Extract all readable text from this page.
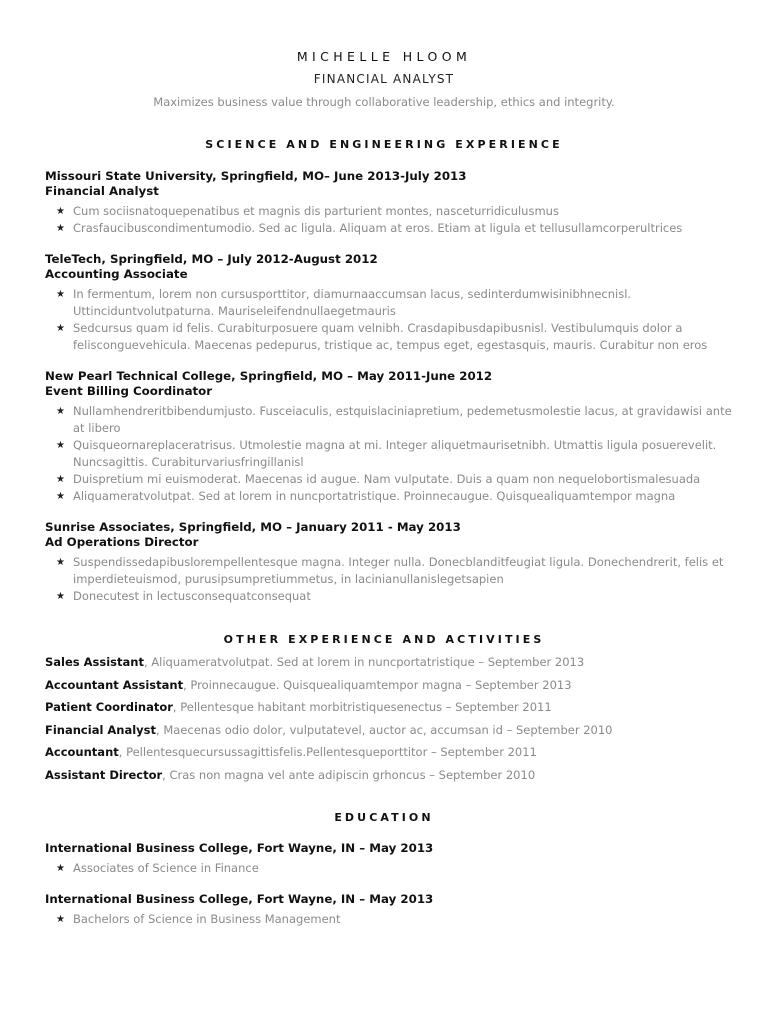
MICHELLE HLOOM
FINANCIAL ANALYST
Maximizes business value through collaborative leadership, ethics and integrity.
SCIENCE AND ENGINEERING EXPERIENCE
Missouri State University, Springfield, MO– June 2013-July 2013
Financial Analyst
★ Cum sociisnatoquepenatibus et magnis dis parturient montes, nasceturridiculusmus
★ Crasfaucibuscondimentumodio. Sed ac ligula. Aliquam at eros. Etiam at ligula et tellusullamcorperultrices
TeleTech, Springfield, MO – July 2012-August 2012
Accounting Associate
★ In fermentum, lorem non cursusporttitor, diamurnaaccumsan lacus, sedinterdumwisinibhnecnisl. Uttinciduntvolutpaturna. Mauriseleifendnullaegetmauris
★ Sedcursus quam id felis. Curabiturposuere quam velnibh. Crasdapibusdapibusnisl. Vestibulumquis dolor a felisconguevehicula. Maecenas pedepurus, tristique ac, tempus eget, egestasquis, mauris. Curabitur non eros
New Pearl Technical College, Springfield, MO – May 2011-June 2012
Event Billing Coordinator
★ Nullamhendreritbibendumjusto. Fusceiaculis, estquislaciniapretium, pedemetusmolestie lacus, at gravidawisi ante at libero
★ Quisqueornareplaceratrisus. Utmolestie magna at mi. Integer aliquetmaurisetnibh. Utmattis ligula posuerevelit. Nuncsagittis. Curabiturvariusfringillanisl
★ Duispretium mi euismoderat. Maecenas id augue. Nam vulputate. Duis a quam non nequelobortismalesuada
★ Aliquameratvolutpat. Sed at lorem in nuncportatristique. Proinnecaugue. Quisquealiquamtempor magna
Sunrise Associates, Springfield, MO – January 2011 - May 2013
Ad Operations Director
★ Suspendissedapibuslorempellentesque magna. Integer nulla. Donecblanditfeugiat ligula. Donechendrerit, felis et imperdieteuismod, purusipsumpretiummetus, in lacinianullanislegetsapien
★ Donecutest in lectusconsequatconsequat
OTHER EXPERIENCE AND ACTIVITIES
Sales Assistant, Aliquameratvolutpat. Sed at lorem in nuncportatristique – September 2013
Accountant Assistant, Proinnecaugue. Quisquealiquamtempor magna – September 2013
Patient Coordinator, Pellentesque habitant morbitristiquesenectus – September 2011
Financial Analyst, Maecenas odio dolor, vulputatevel, auctor ac, accumsan id – September 2010
Accountant, Pellentesquecursussagittisfelis.Pellentesqueporttitor – September 2011
Assistant Director, Cras non magna vel ante adipiscin grhoncus – September 2010
EDUCATION
International Business College, Fort Wayne, IN – May 2013
★ Associates of Science in Finance
International Business College, Fort Wayne, IN – May 2013
★ Bachelors of Science in Business Management
